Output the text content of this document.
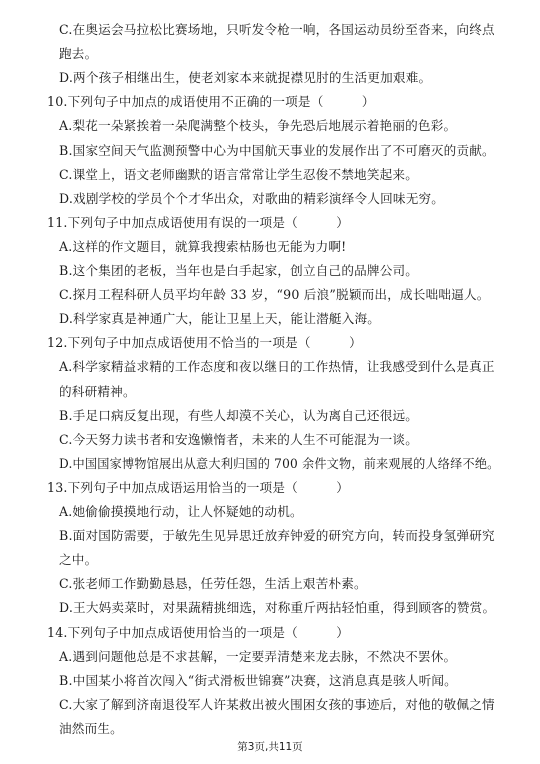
C.在奥运会马拉松比赛场地，只听发令枪一响，各国运动员纷至沓来，向终点
跑去。
D.两个孩子相继出生，使老刘家本来就捉襟见肘的生活更加艰难。
10.下列句子中加点的成语使用不正确的一项是（　　　）
A.梨花一朵紧挨着一朵爬满整个枝头，争先恐后地展示着艳丽的色彩。
B.国家空间天气监测预警中心为中国航天事业的发展作出了不可磨灭的贡献。
C.课堂上，语文老师幽默的语言常常让学生忍俊不禁地笑起来。
D.戏剧学校的学员个个才华出众，对歌曲的精彩演绎令人回味无穷。
11.下列句子中加点成语使用有误的一项是（　　　）
A.这样的作文题目，就算我搜索枯肠也无能为力啊!
B.这个集团的老板，当年也是白手起家，创立自己的品牌公司。
C.探月工程科研人员平均年龄 33 岁，“90 后浪”脱颖而出，成长咄咄逼人。
D.科学家真是神通广大，能让卫星上天，能让潜艇入海。
12.下列句子中加点成语使用不恰当的一项是（　　　）
A.科学家精益求精的工作态度和夜以继日的工作热情，让我感受到什么是真正
的科研精神。
B.手足口病反复出现，有些人却漠不关心，认为离自己还很远。
C.今天努力读书者和安逸懒惰者，未来的人生不可能混为一谈。
D.中国国家博物馆展出从意大利归国的 700 余件文物，前来观展的人络绎不绝。
13.下列句子中加点成语运用恰当的一项是（　　　）
A.她偷偷摸摸地行动，让人怀疑她的动机。
B.面对国防需要，于敏先生见异思迁放弃钟爱的研究方向，转而投身氢弹研究
之中。
C.张老师工作勤勤恳恳，任劳任怨，生活上艰苦朴素。
D.王大妈卖菜时，对果蔬精挑细选，对称重斤两拈轻怕重，得到顾客的赞赏。
14.下列句子中加点成语使用恰当的一项是（　　　）
A.遇到问题他总是不求甚解，一定要弄清楚来龙去脉，不然决不罢休。
B.中国某小将首次闯入“街式滑板世锦赛”决赛，这消息真是骇人听闻。
C.大家了解到济南退役军人许某救出被火围困女孩的事迹后，对他的敬佩之情
油然而生。
第3页,共11页
